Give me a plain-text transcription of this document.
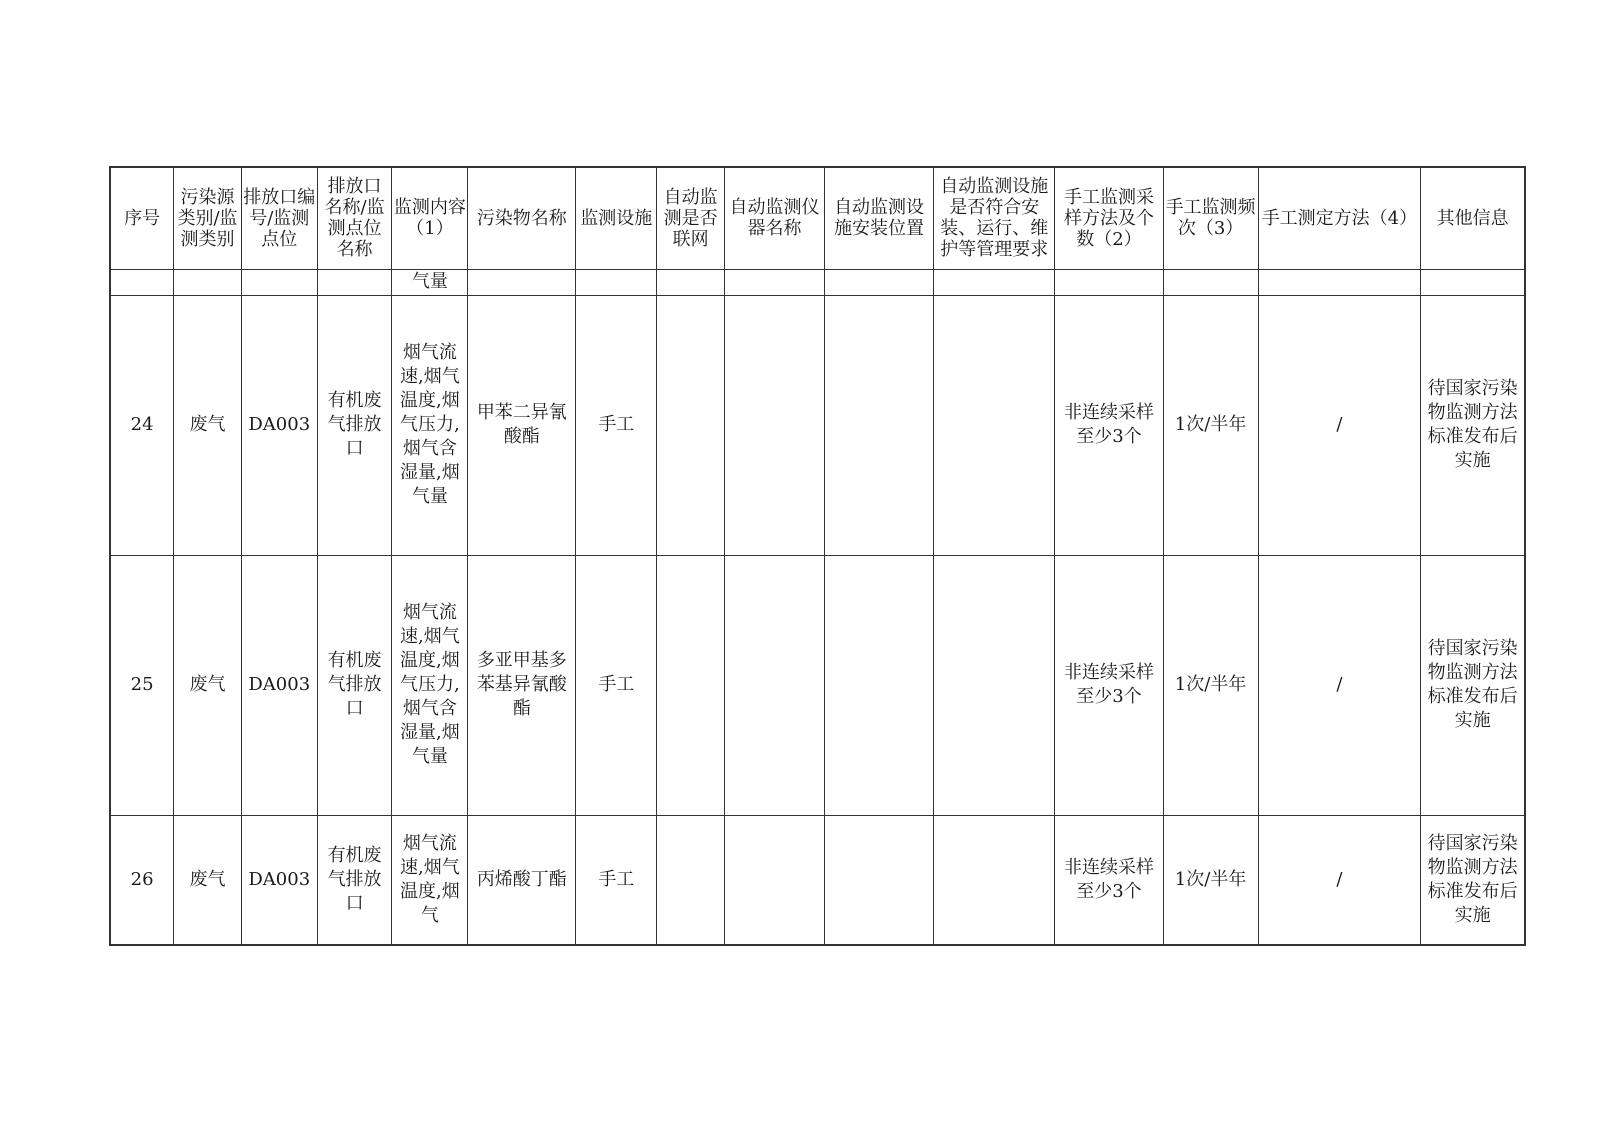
序号	污染源类别/监测类别	排放口编号/监测点位	排放口名称/监测点位名称	监测内容（1）	污染物名称	监测设施	自动监测是否联网	自动监测仪器名称	自动监测设施安装位置	自动监测设施是否符合安装、运行、维护等管理要求	手工监测采样方法及个数（2）	手工监测频次（3）	手工测定方法（4）	其他信息
				气量										
24	废气	DA003	有机废气排放口	烟气流速,烟气温度,烟气压力,烟气含湿量,烟气量	甲苯二异氰酸酯	手工					非连续采样 至少3个	1次/半年	/	待国家污染物监测方法标准发布后实施
25	废气	DA003	有机废气排放口	烟气流速,烟气温度,烟气压力,烟气含湿量,烟气量	多亚甲基多苯基异氰酸酯	手工					非连续采样 至少3个	1次/半年	/	待国家污染物监测方法标准发布后实施
26	废气	DA003	有机废气排放口	烟气流速,烟气温度,烟气	丙烯酸丁酯	手工					非连续采样 至少3个	1次/半年	/	待国家污染物监测方法标准发布后实施
